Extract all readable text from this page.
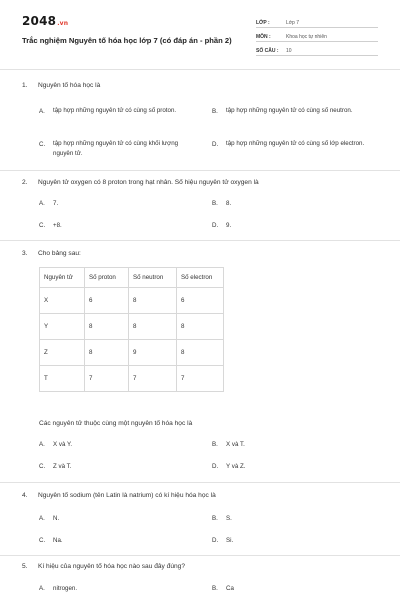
2048.vn
Trắc nghiệm Nguyên tố hóa học lớp 7 (có đáp án - phần 2)
LỚP :	Lớp 7
MÔN :	Khoa học tự nhiên
SỐ CÂU :	10
1. Nguyên tố hóa học là
A.	tập hợp những nguyên tử có cùng số proton.	B.	tập hợp những nguyên tử có cùng số neutron.
C.	tập hợp những nguyên tử có cùng khối lượng nguyên tử.
D.	tập hợp những nguyên tử có cùng số lớp electron.
2. Nguyên tử oxygen có 8 proton trong hạt nhân. Số hiệu nguyên tử oxygen là
A.	7.	B.	8.
C.	+8.	D.	9.
3. Cho bảng sau:
Nguyên tử	Số proton	Số neutron	Số electron
X	6	8	6
Y	8	8	8
Z	8	9	8
T	7	7	7
Các nguyên tử thuộc cùng một nguyên tố hóa học là
A.	X và Y.	B.	X và T.
C.	Z và T.	D.	Y và Z.
4. Nguyên tố sodium (tên Latin là natrium) có kí hiệu hóa học là
A.	N.	B.	S.
C.	Na.	D.	Si.
5. Kí hiệu của nguyên tố hóa học nào sau đây đúng?
A.	nitrogen.	B.	Ca
